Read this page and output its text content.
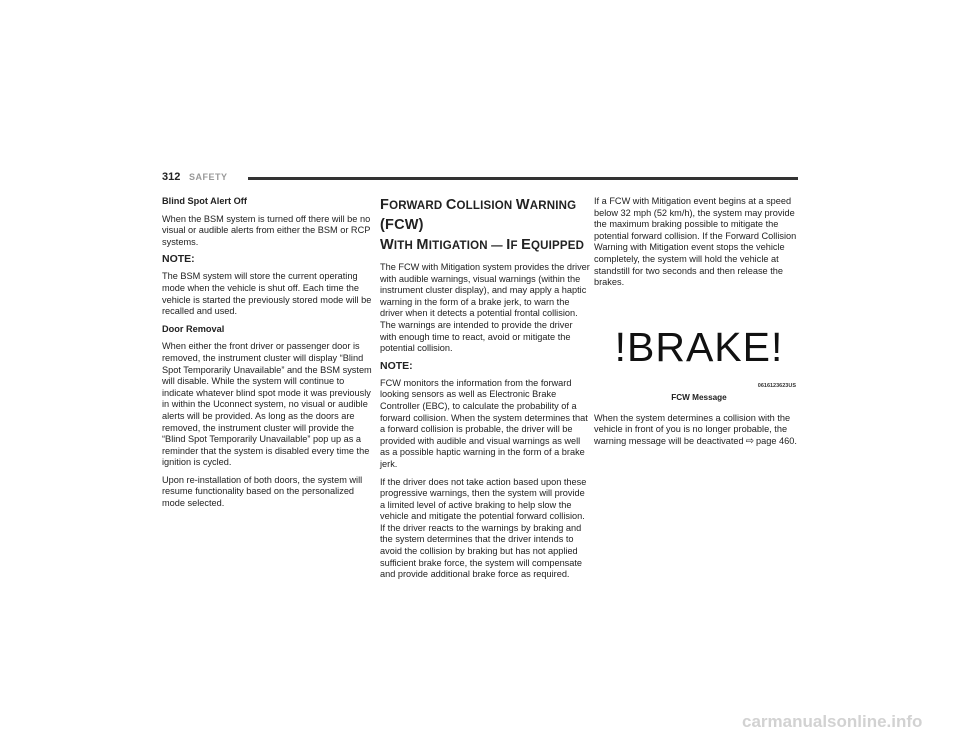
312 SAFETY

Blind Spot Alert Off

When the BSM system is turned off there will be no visual or audible alerts from either the BSM or RCP systems.

NOTE:

The BSM system will store the current operating mode when the vehicle is shut off. Each time the vehicle is started the previously stored mode will be recalled and used.

Door Removal

When either the front driver or passenger door is removed, the instrument cluster will display “Blind Spot Temporarily Unavailable” and the BSM system will disable. While the system will continue to indicate whatever blind spot mode it was previously in within the Uconnect system, no visual or audible alerts will be provided. As long as the doors are removed, the instrument cluster will provide the “Blind Spot Temporarily Unavailable” pop up as a reminder that the system is disabled every time the ignition is cycled.

Upon re-installation of both doors, the system will resume functionality based on the personalized mode selected.

FORWARD COLLISION WARNING (FCW)
WITH MITIGATION — IF EQUIPPED

The FCW with Mitigation system provides the driver with audible warnings, visual warnings (within the instrument cluster display), and may apply a haptic warning in the form of a brake jerk, to warn the driver when it detects a potential frontal collision. The warnings are intended to provide the driver with enough time to react, avoid or mitigate the potential collision.

NOTE:

FCW monitors the information from the forward looking sensors as well as Electronic Brake Controller (EBC), to calculate the probability of a forward collision. When the system determines that a forward collision is probable, the driver will be provided with audible and visual warnings as well as a possible haptic warning in the form of a brake jerk.

If the driver does not take action based upon these progressive warnings, then the system will provide a limited level of active braking to help slow the vehicle and mitigate the potential forward collision. If the driver reacts to the warnings by braking and the system determines that the driver intends to avoid the collision by braking but has not applied sufficient brake force, the system will compensate and provide additional brake force as required.

If a FCW with Mitigation event begins at a speed below 32 mph (52 km/h), the system may provide the maximum braking possible to mitigate the potential forward collision. If the Forward Collision Warning with Mitigation event stops the vehicle completely, the system will hold the vehicle at standstill for two seconds and then release the brakes.

!BRAKE!
0616123623US
FCW Message

When the system determines a collision with the vehicle in front of you is no longer probable, the warning message will be deactivated ⇨ page 460.

carmanualsonline.info
